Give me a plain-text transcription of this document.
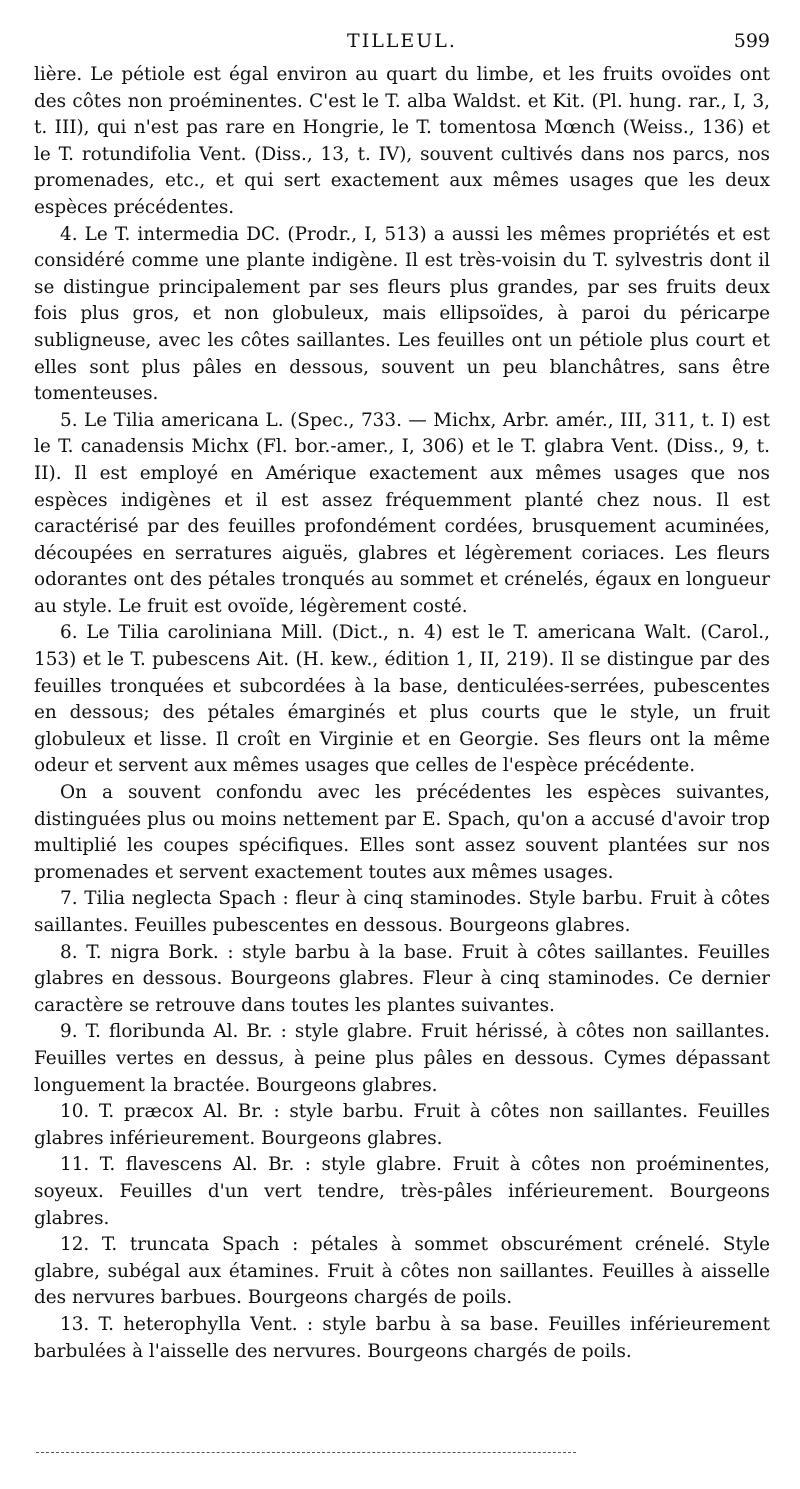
TILLEUL.	599

lière. Le pétiole est égal environ au quart du limbe, et les fruits ovoïdes ont des côtes non proéminentes. C'est le T. alba Waldst. et Kit. (Pl. hung. rar., I, 3, t. III), qui n'est pas rare en Hongrie, le T. tomentosa Mœnch (Weiss., 136) et le T. rotundifolia Vent. (Diss., 13, t. IV), souvent cultivés dans nos parcs, nos promenades, etc., et qui sert exactement aux mêmes usages que les deux espèces précédentes.

4. Le T. intermedia DC. (Prodr., I, 513) a aussi les mêmes propriétés et est considéré comme une plante indigène. Il est très-voisin du T. sylvestris dont il se distingue principalement par ses fleurs plus grandes, par ses fruits deux fois plus gros, et non globuleux, mais ellipsoïdes, à paroi du péricarpe subligneuse, avec les côtes saillantes. Les feuilles ont un pétiole plus court et elles sont plus pâles en dessous, souvent un peu blanchâtres, sans être tomenteuses.

5. Le Tilia americana L. (Spec., 733. — Michx, Arbr. amér., III, 311, t. I) est le T. canadensis Michx (Fl. bor.-amer., I, 306) et le T. glabra Vent. (Diss., 9, t. II). Il est employé en Amérique exactement aux mêmes usages que nos espèces indigènes et il est assez fréquemment planté chez nous. Il est caractérisé par des feuilles profondément cordées, brusquement acuminées, découpées en serratures aiguës, glabres et légèrement coriaces. Les fleurs odorantes ont des pétales tronqués au sommet et crénelés, égaux en longueur au style. Le fruit est ovoïde, légèrement costé.

6. Le Tilia caroliniana Mill. (Dict., n. 4) est le T. americana Walt. (Carol., 153) et le T. pubescens Ait. (H. kew., édition 1, II, 219). Il se distingue par des feuilles tronquées et subcordées à la base, denticulées-serrées, pubescentes en dessous; des pétales émarginés et plus courts que le style, un fruit globuleux et lisse. Il croît en Virginie et en Georgie. Ses fleurs ont la même odeur et servent aux mêmes usages que celles de l'espèce précédente.

On a souvent confondu avec les précédentes les espèces suivantes, distinguées plus ou moins nettement par E. Spach, qu'on a accusé d'avoir trop multiplié les coupes spécifiques. Elles sont assez souvent plantées sur nos promenades et servent exactement toutes aux mêmes usages.

7. Tilia neglecta Spach : fleur à cinq staminodes. Style barbu. Fruit à côtes saillantes. Feuilles pubescentes en dessous. Bourgeons glabres.

8. T. nigra Bork. : style barbu à la base. Fruit à côtes saillantes. Feuilles glabres en dessous. Bourgeons glabres. Fleur à cinq staminodes. Ce dernier caractère se retrouve dans toutes les plantes suivantes.

9. T. floribunda Al. Br. : style glabre. Fruit hérissé, à côtes non saillantes. Feuilles vertes en dessus, à peine plus pâles en dessous. Cymes dépassant longuement la bractée. Bourgeons glabres.

10. T. præcox Al. Br. : style barbu. Fruit à côtes non saillantes. Feuilles glabres inférieurement. Bourgeons glabres.

11. T. flavescens Al. Br. : style glabre. Fruit à côtes non proéminentes, soyeux. Feuilles d'un vert tendre, très-pâles inférieurement. Bourgeons glabres.

12. T. truncata Spach : pétales à sommet obscurément crénelé. Style glabre, subégal aux étamines. Fruit à côtes non saillantes. Feuilles à aisselle des nervures barbues. Bourgeons chargés de poils.

13. T. heterophylla Vent. : style barbu à sa base. Feuilles inférieurement barbulées à l'aisselle des nervures. Bourgeons chargés de poils.
